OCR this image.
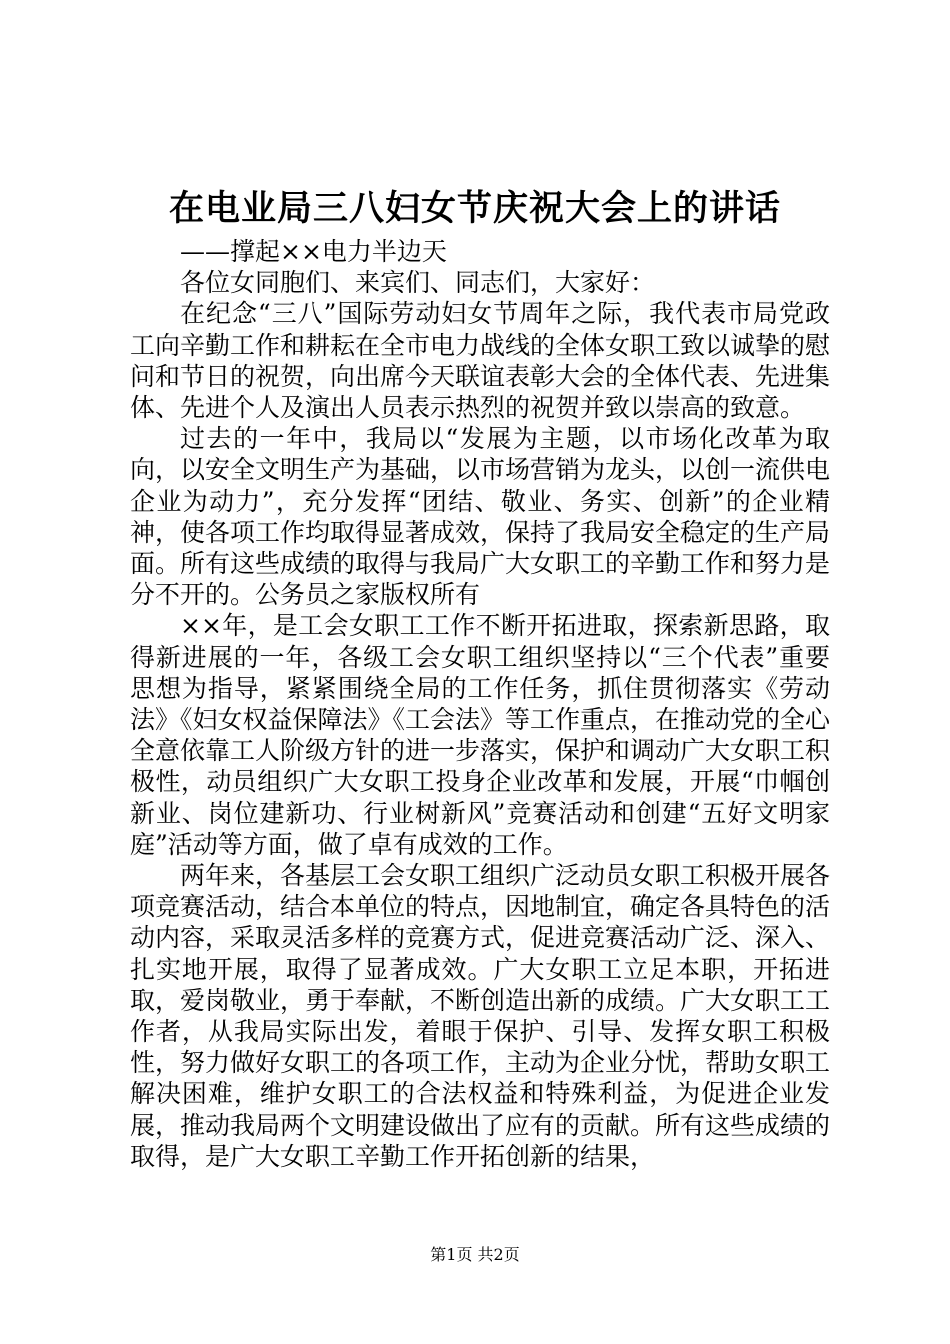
在电业局三八妇女节庆祝大会上的讲话

——撑起××电力半边天

各位女同胞们、来宾们、同志们，大家好：

在纪念“三八”国际劳动妇女节周年之际，我代表市局党政工向辛勤工作和耕耘在全市电力战线的全体女职工致以诚挚的慰问和节日的祝贺，向出席今天联谊表彰大会的全体代表、先进集体、先进个人及演出人员表示热烈的祝贺并致以崇高的致意。

过去的一年中，我局以“发展为主题，以市场化改革为取向，以安全文明生产为基础，以市场营销为龙头，以创一流供电企业为动力”，充分发挥“团结、敬业、务实、创新”的企业精神，使各项工作均取得显著成效，保持了我局安全稳定的生产局面。所有这些成绩的取得与我局广大女职工的辛勤工作和努力是分不开的。公务员之家版权所有

××年，是工会女职工工作不断开拓进取，探索新思路，取得新进展的一年，各级工会女职工组织坚持以“三个代表”重要思想为指导，紧紧围绕全局的工作任务，抓住贯彻落实《劳动法》《妇女权益保障法》《工会法》等工作重点，在推动党的全心全意依靠工人阶级方针的进一步落实，保护和调动广大女职工积极性，动员组织广大女职工投身企业改革和发展，开展“巾帼创新业、岗位建新功、行业树新风”竞赛活动和创建“五好文明家庭”活动等方面，做了卓有成效的工作。

两年来，各基层工会女职工组织广泛动员女职工积极开展各项竞赛活动，结合本单位的特点，因地制宜，确定各具特色的活动内容，采取灵活多样的竞赛方式，促进竞赛活动广泛、深入、扎实地开展，取得了显著成效。广大女职工立足本职，开拓进取，爱岗敬业，勇于奉献，不断创造出新的成绩。广大女职工工作者，从我局实际出发，着眼于保护、引导、发挥女职工积极性，努力做好女职工的各项工作，主动为企业分忧，帮助女职工解决困难，维护女职工的合法权益和特殊利益，为促进企业发展，推动我局两个文明建设做出了应有的贡献。所有这些成绩的取得，是广大女职工辛勤工作开拓创新的结果，

第1页 共2页
